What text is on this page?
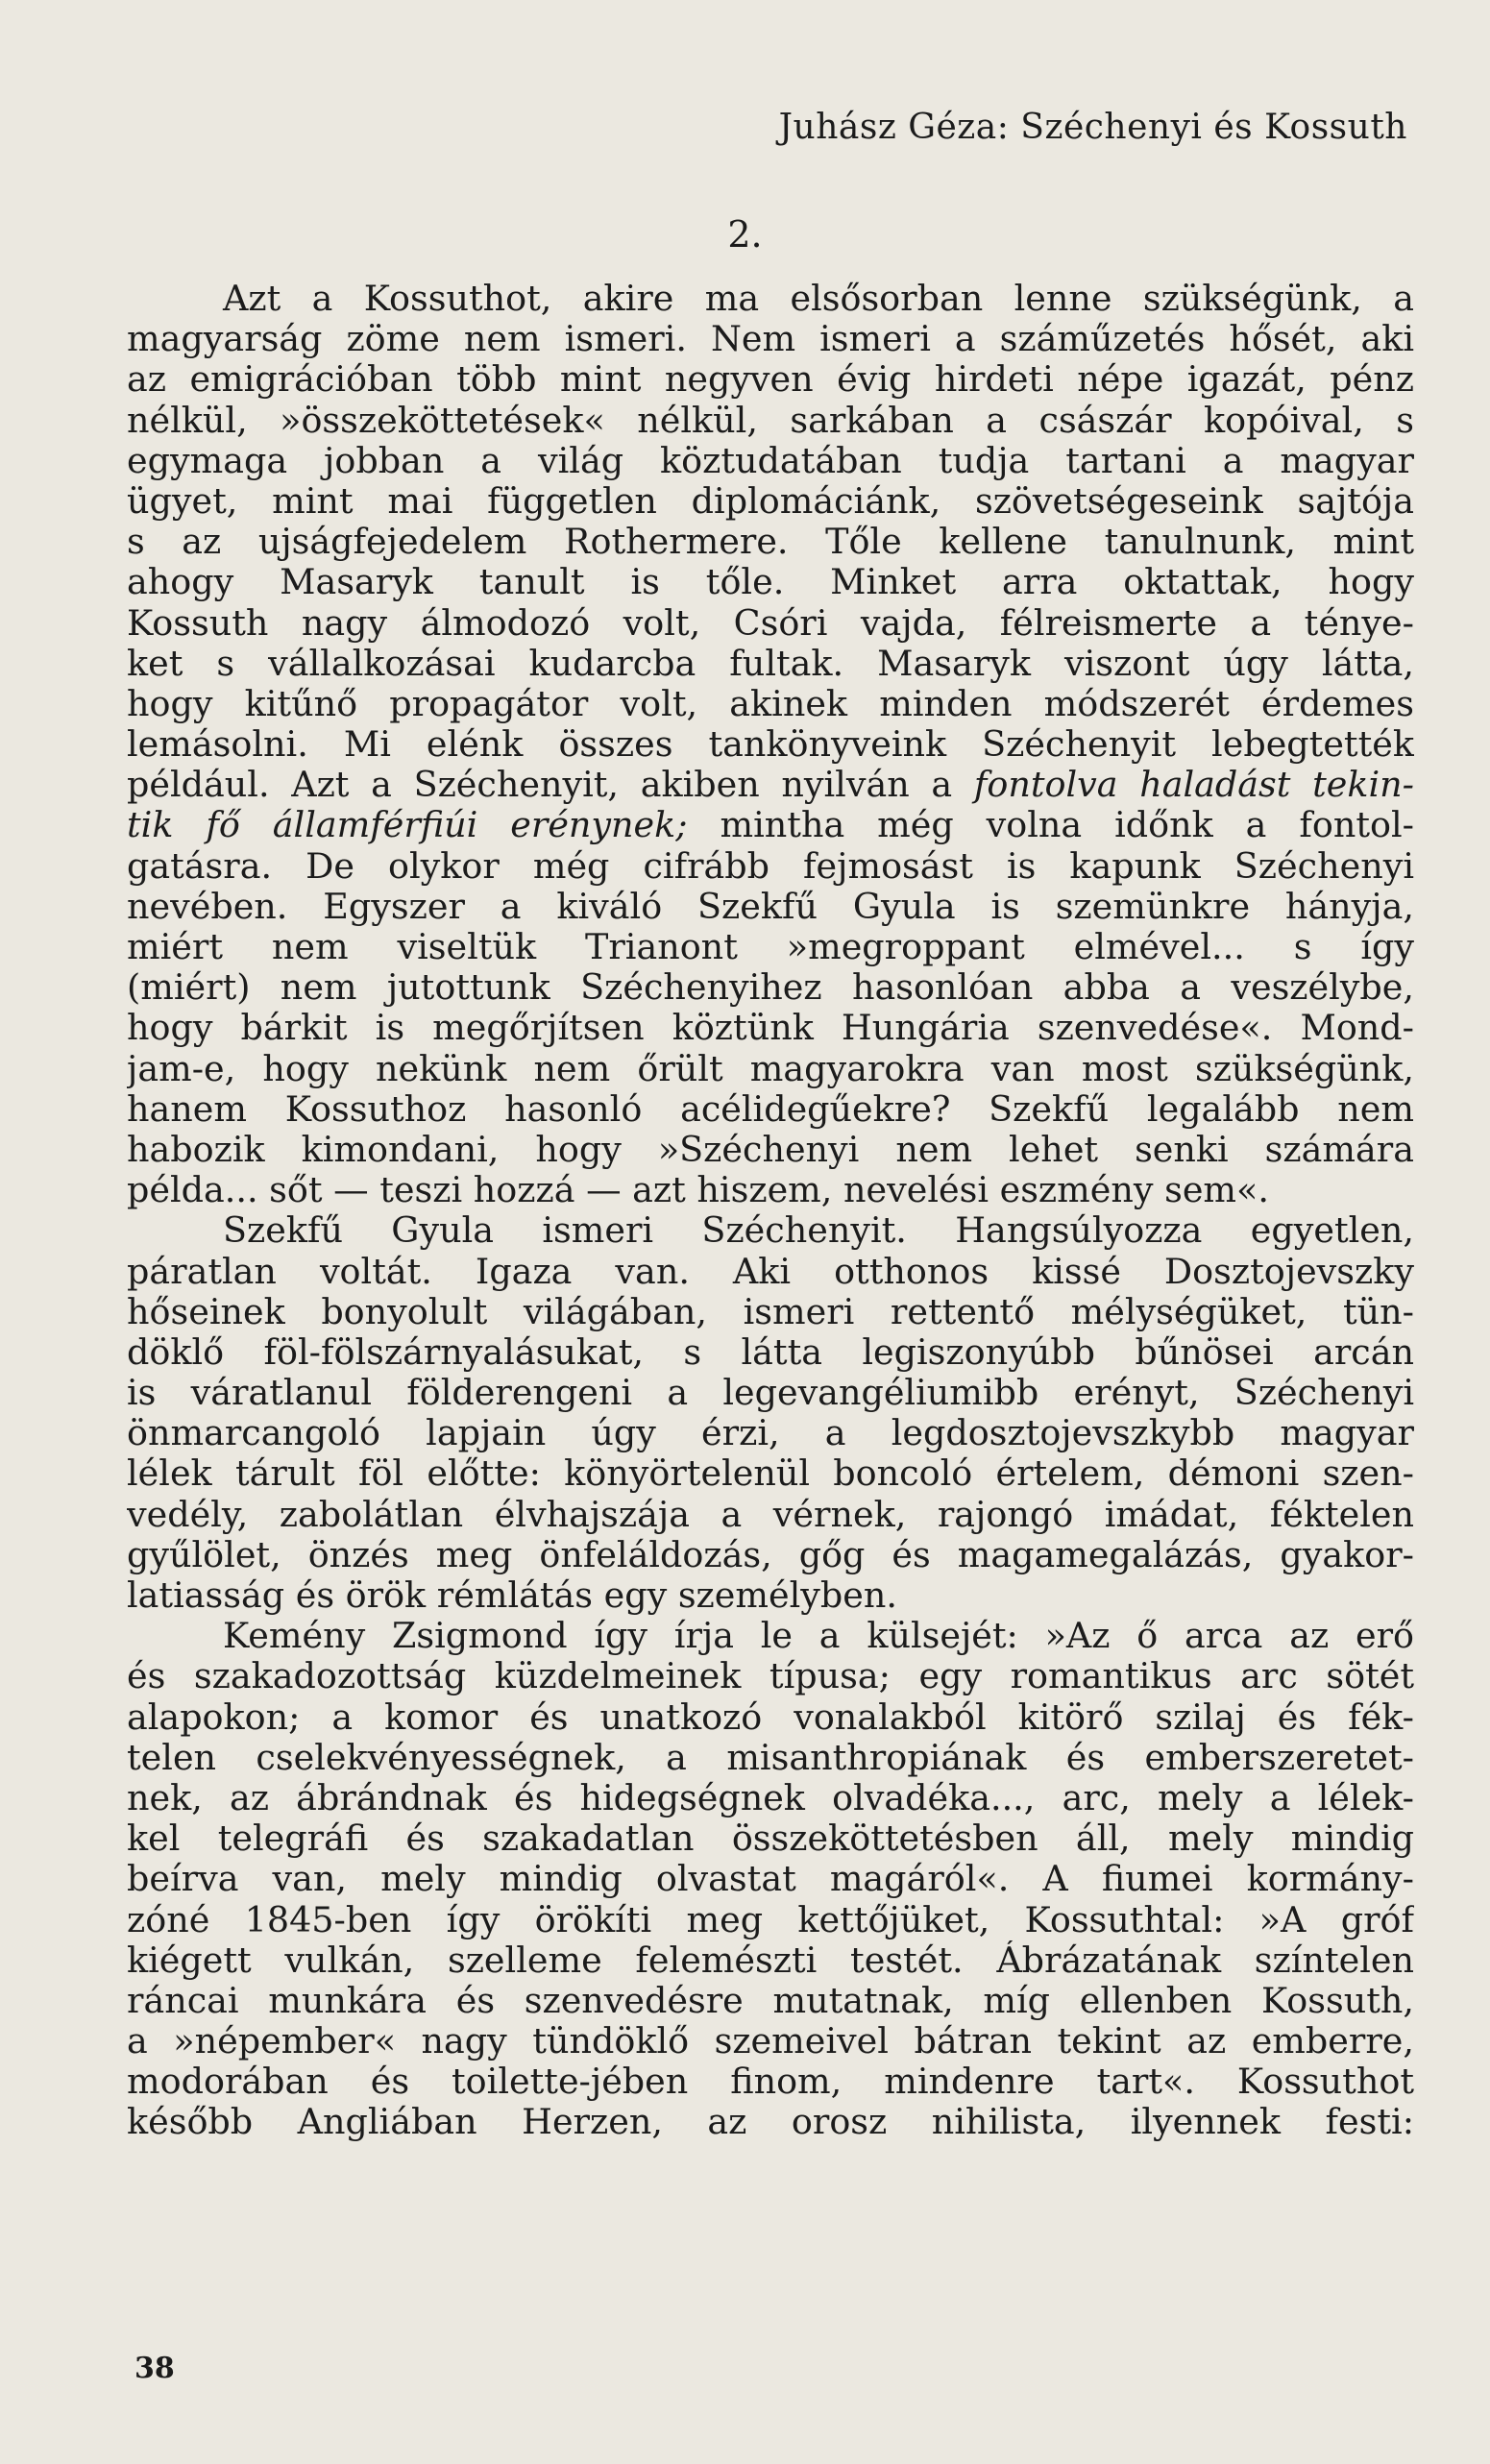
Juhász Géza: Széchenyi és Kossuth
2.
Azt a Kossuthot, akire ma elsősorban lenne szükségünk, a
magyarság zöme nem ismeri. Nem ismeri a száműzetés hősét, aki
az emigrációban több mint negyven évig hirdeti népe igazát, pénz
nélkül, »összeköttetések« nélkül, sarkában a császár kopóival, s
egymaga jobban a világ köztudatában tudja tartani a magyar
ügyet, mint mai független diplomáciánk, szövetségeseink sajtója
s az ujságfejedelem Rothermere. Tőle kellene tanulnunk, mint
ahogy Masaryk tanult is tőle. Minket arra oktattak, hogy
Kossuth nagy álmodozó volt, Csóri vajda, félreismerte a ténye-
ket s vállalkozásai kudarcba fultak. Masaryk viszont úgy látta,
hogy kitűnő propagátor volt, akinek minden módszerét érdemes
lemásolni. Mi elénk összes tankönyveink Széchenyit lebegtették
például. Azt a Széchenyit, akiben nyilván a fontolva haladást tekin-
tik fő államférfiúi erénynek; mintha még volna időnk a fontol-
gatásra. De olykor még cifrább fejmosást is kapunk Széchenyi
nevében. Egyszer a kiváló Szekfű Gyula is szemünkre hányja,
miért nem viseltük Trianont »megroppant elmével... s így
(miért) nem jutottunk Széchenyihez hasonlóan abba a veszélybe,
hogy bárkit is megőrjítsen köztünk Hungária szenvedése«. Mond-
jam-e, hogy nekünk nem őrült magyarokra van most szükségünk,
hanem Kossuthoz hasonló acélidegűekre? Szekfű legalább nem
habozik kimondani, hogy »Széchenyi nem lehet senki számára
példa... sőt — teszi hozzá — azt hiszem, nevelési eszmény sem«.
Szekfű Gyula ismeri Széchenyit. Hangsúlyozza egyetlen,
páratlan voltát. Igaza van. Aki otthonos kissé Dosztojevszky
hőseinek bonyolult világában, ismeri rettentő mélységüket, tün-
döklő föl-fölszárnyalásukat, s látta legiszonyúbb bűnösei arcán
is váratlanul földerengeni a legevangéliumibb erényt, Széchenyi
önmarcangoló lapjain úgy érzi, a legdosztojevszkybb magyar
lélek tárult föl előtte: könyörtelenül boncoló értelem, démoni szen-
vedély, zabolátlan élvhajszája a vérnek, rajongó imádat, féktelen
gyűlölet, önzés meg önfeláldozás, gőg és magamegalázás, gyakor-
latiasság és örök rémlátás egy személyben.
Kemény Zsigmond így írja le a külsejét: »Az ő arca az erő
és szakadozottság küzdelmeinek típusa; egy romantikus arc sötét
alapokon; a komor és unatkozó vonalakból kitörő szilaj és fék-
telen cselekvényességnek, a misanthropiának és emberszeretet-
nek, az ábrándnak és hidegségnek olvadéka..., arc, mely a lélek-
kel telegráfi és szakadatlan összeköttetésben áll, mely mindig
beírva van, mely mindig olvastat magáról«. A fiumei kormány-
zóné 1845-ben így örökíti meg kettőjüket, Kossuthtal: »A gróf
kiégett vulkán, szelleme felemészti testét. Ábrázatának színtelen
ráncai munkára és szenvedésre mutatnak, míg ellenben Kossuth,
a »népember« nagy tündöklő szemeivel bátran tekint az emberre,
modorában és toilette-jében finom, mindenre tart«. Kossuthot
később Angliában Herzen, az orosz nihilista, ilyennek festi:
38
